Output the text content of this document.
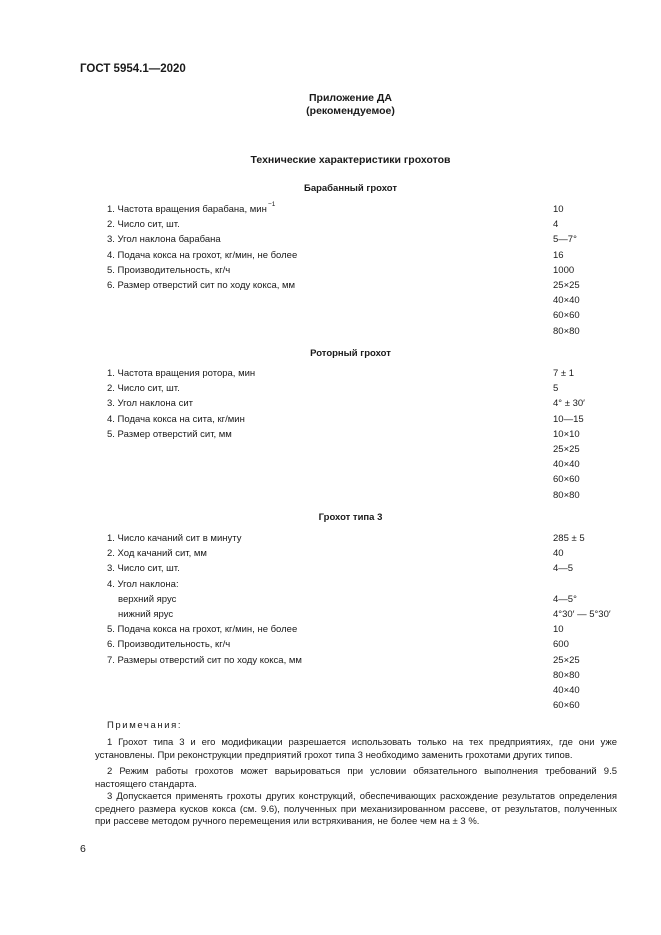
ГОСТ 5954.1—2020
Приложение ДА
(рекомендуемое)
Технические характеристики грохотов
Барабанный грохот
1. Частота вращения барабана, мин −1	10
2. Число сит, шт.	4
3. Угол наклона барабана	5—7°
4. Подача кокса на грохот, кг/мин, не более	16
5. Производительность, кг/ч	1000
6. Размер отверстий сит по ходу кокса, мм	25×25
40×40
60×60
80×80
Роторный грохот
1. Частота вращения ротора, мин	7 ± 1
2. Число сит, шт.	5
3. Угол наклона сит	4° ± 30′
4. Подача кокса на сита, кг/мин	10—15
5. Размер отверстий сит, мм	10×10
25×25
40×40
60×60
80×80
Грохот типа 3
1. Число качаний сит в минуту	285 ± 5
2. Ход качаний сит, мм	40
3. Число сит, шт.	4—5
4. Угол наклона:
верхний ярус	4—5°
нижний ярус	4°30′ — 5°30′
5. Подача кокса на грохот, кг/мин, не более	10
6. Производительность, кг/ч	600
7. Размеры отверстий сит по ходу кокса, мм	25×25
80×80
40×40
60×60
Примечания:
1 Грохот типа 3 и его модификации разрешается использовать только на тех предприятиях, где они уже установлены. При реконструкции предприятий грохот типа 3 необходимо заменить грохотами других типов.
2 Режим работы грохотов может варьироваться при условии обязательного выполнения требований 9.5 настоящего стандарта.
3 Допускается применять грохоты других конструкций, обеспечивающих расхождение результатов определения среднего размера кусков кокса (см. 9.6), полученных при механизированном рассеве, от результатов, полученных при рассеве методом ручного перемещения или встряхивания, не более чем на ± 3 %.
6
